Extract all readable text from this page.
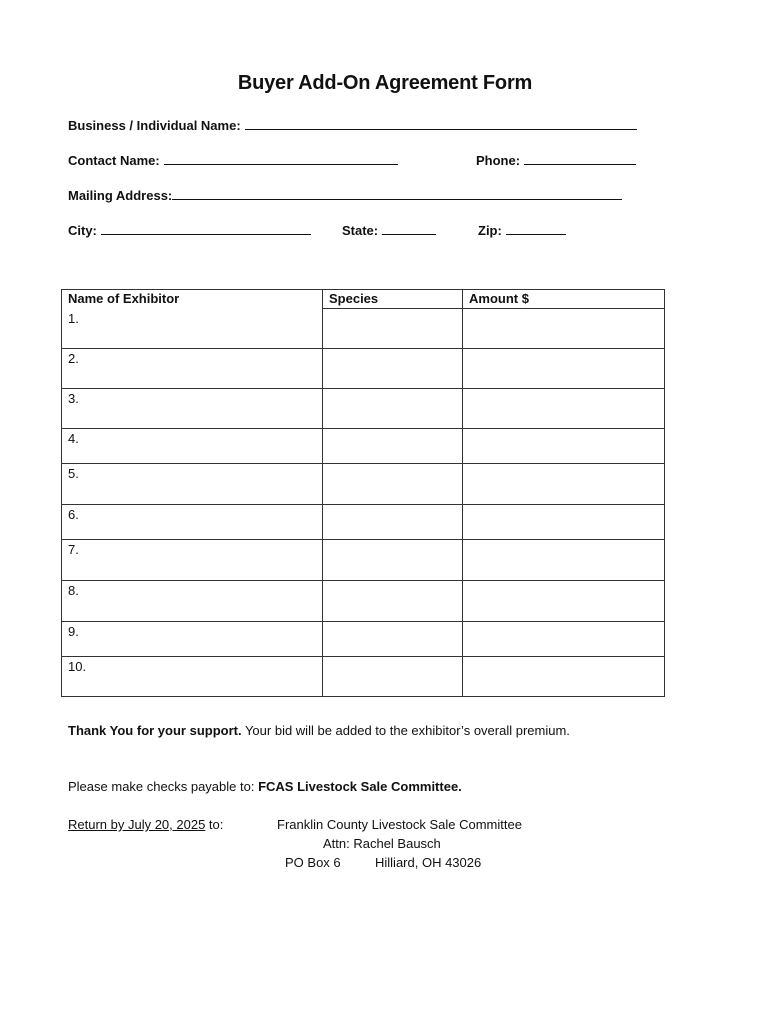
Buyer Add-On Agreement Form
Business / Individual Name:
Contact Name:	Phone:
Mailing Address:
City:	State:	Zip:
Name of Exhibitor	Species	Amount $
1.		
2.		
3.		
4.		
5.		
6.		
7.		
8.		
9.		
10.		
Thank You for your support. Your bid will be added to the exhibitor’s overall premium.
Please make checks payable to: FCAS Livestock Sale Committee.
Return by July 20, 2025 to:	Franklin County Livestock Sale Committee
Attn: Rachel Bausch
PO Box 6	Hilliard, OH 43026
